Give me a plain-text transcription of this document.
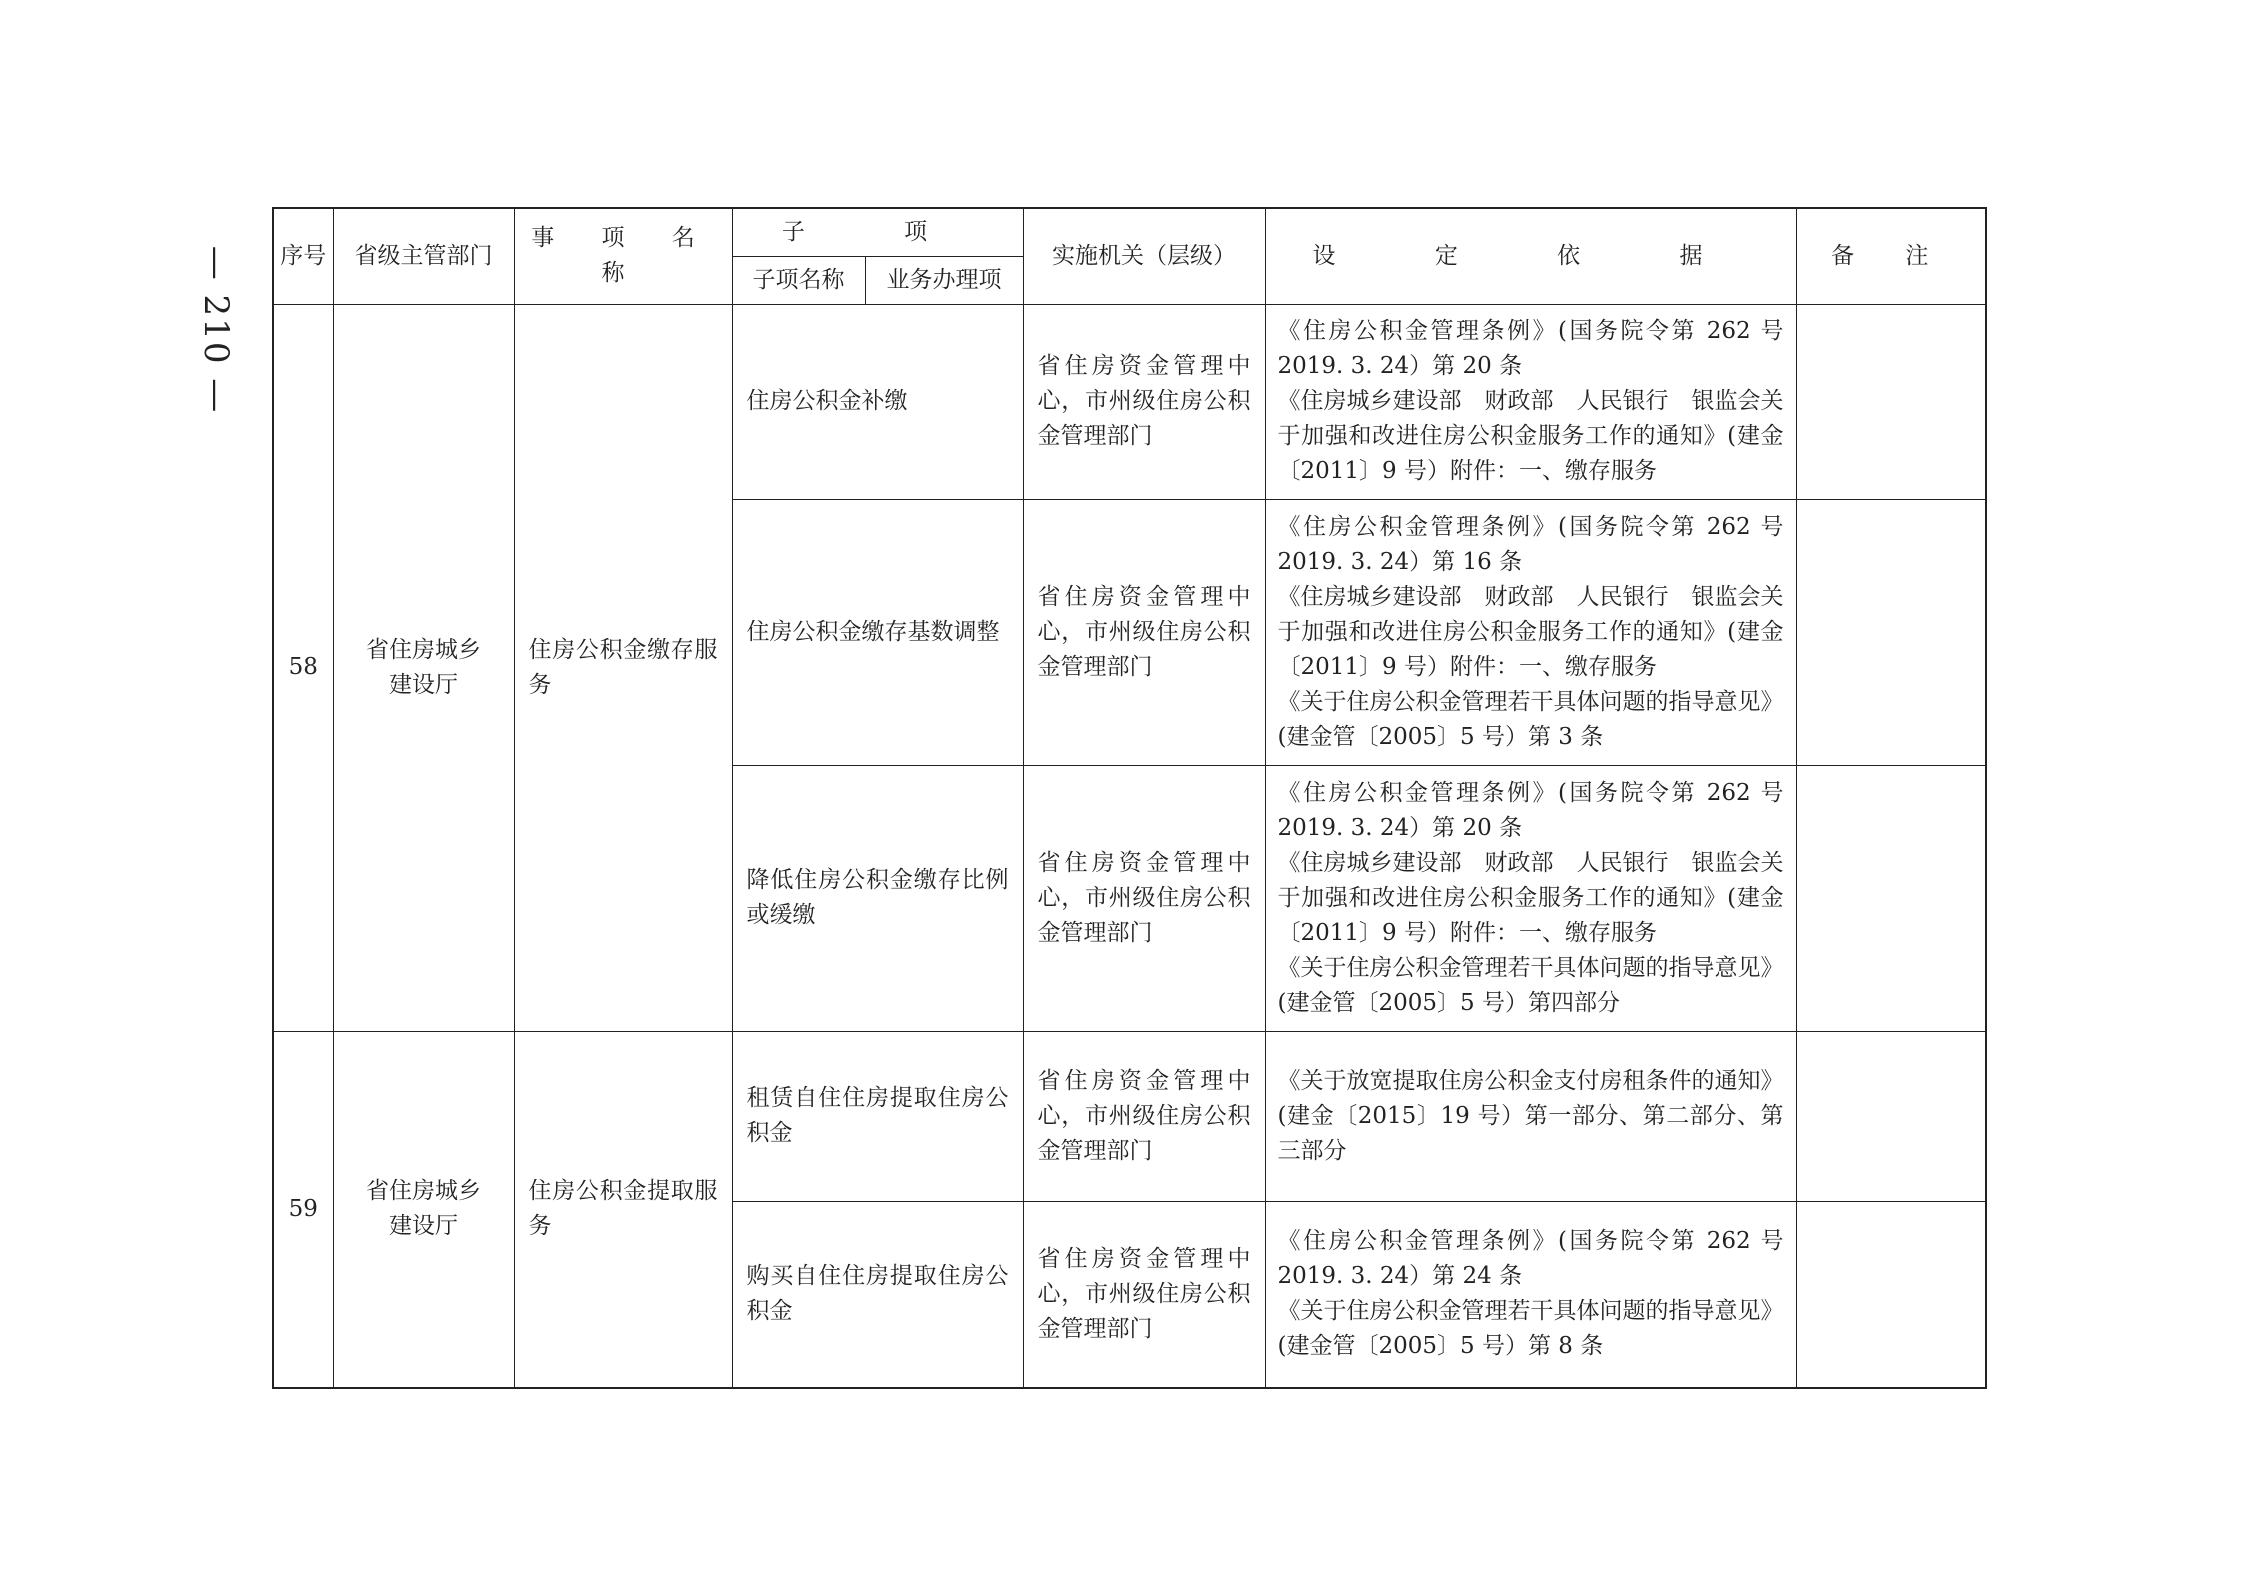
— 210 —	序号	省级主管部门	事 项 名 称	子 项		实施机关（层级）	设 定 依 据	备 注
			子项名称	业务办理项			
58	省住房城乡建设厅	住房公积金缴存服务	住房公积金补缴		省住房资金管理中心，市州级住房公积金管理部门	《住房公积金管理条例》(国务院令第 262 号 2019. 3. 24）第 20 条
《住房城乡建设部　财政部　人民银行　银监会关于加强和改进住房公积金服务工作的通知》(建金〔2011〕9 号）附件：一、缴存服务	

			住房公积金缴存基数调整		省住房资金管理中心，市州级住房公积金管理部门	《住房公积金管理条例》(国务院令第 262 号 2019. 3. 24）第 16 条
《住房城乡建设部　财政部　人民银行　银监会关于加强和改进住房公积金服务工作的通知》(建金〔2011〕9 号）附件：一、缴存服务
《关于住房公积金管理若干具体问题的指导意见》(建金管〔2005〕5 号）第 3 条	

			降低住房公积金缴存比例或缓缴		省住房资金管理中心，市州级住房公积金管理部门	《住房公积金管理条例》(国务院令第 262 号 2019. 3. 24）第 20 条
《住房城乡建设部　财政部　人民银行　银监会关于加强和改进住房公积金服务工作的通知》(建金〔2011〕9 号）附件：一、缴存服务
《关于住房公积金管理若干具体问题的指导意见》(建金管〔2005〕5 号）第四部分	

59	省住房城乡建设厅	住房公积金提取服务	租赁自住住房提取住房公积金		省住房资金管理中心，市州级住房公积金管理部门	《关于放宽提取住房公积金支付房租条件的通知》(建金〔2015〕19 号）第一部分、第二部分、第三部分	

			购买自住住房提取住房公积金		省住房资金管理中心，市州级住房公积金管理部门	《住房公积金管理条例》(国务院令第 262 号 2019. 3. 24）第 24 条
《关于住房公积金管理若干具体问题的指导意见》(建金管〔2005〕5 号）第 8 条	
